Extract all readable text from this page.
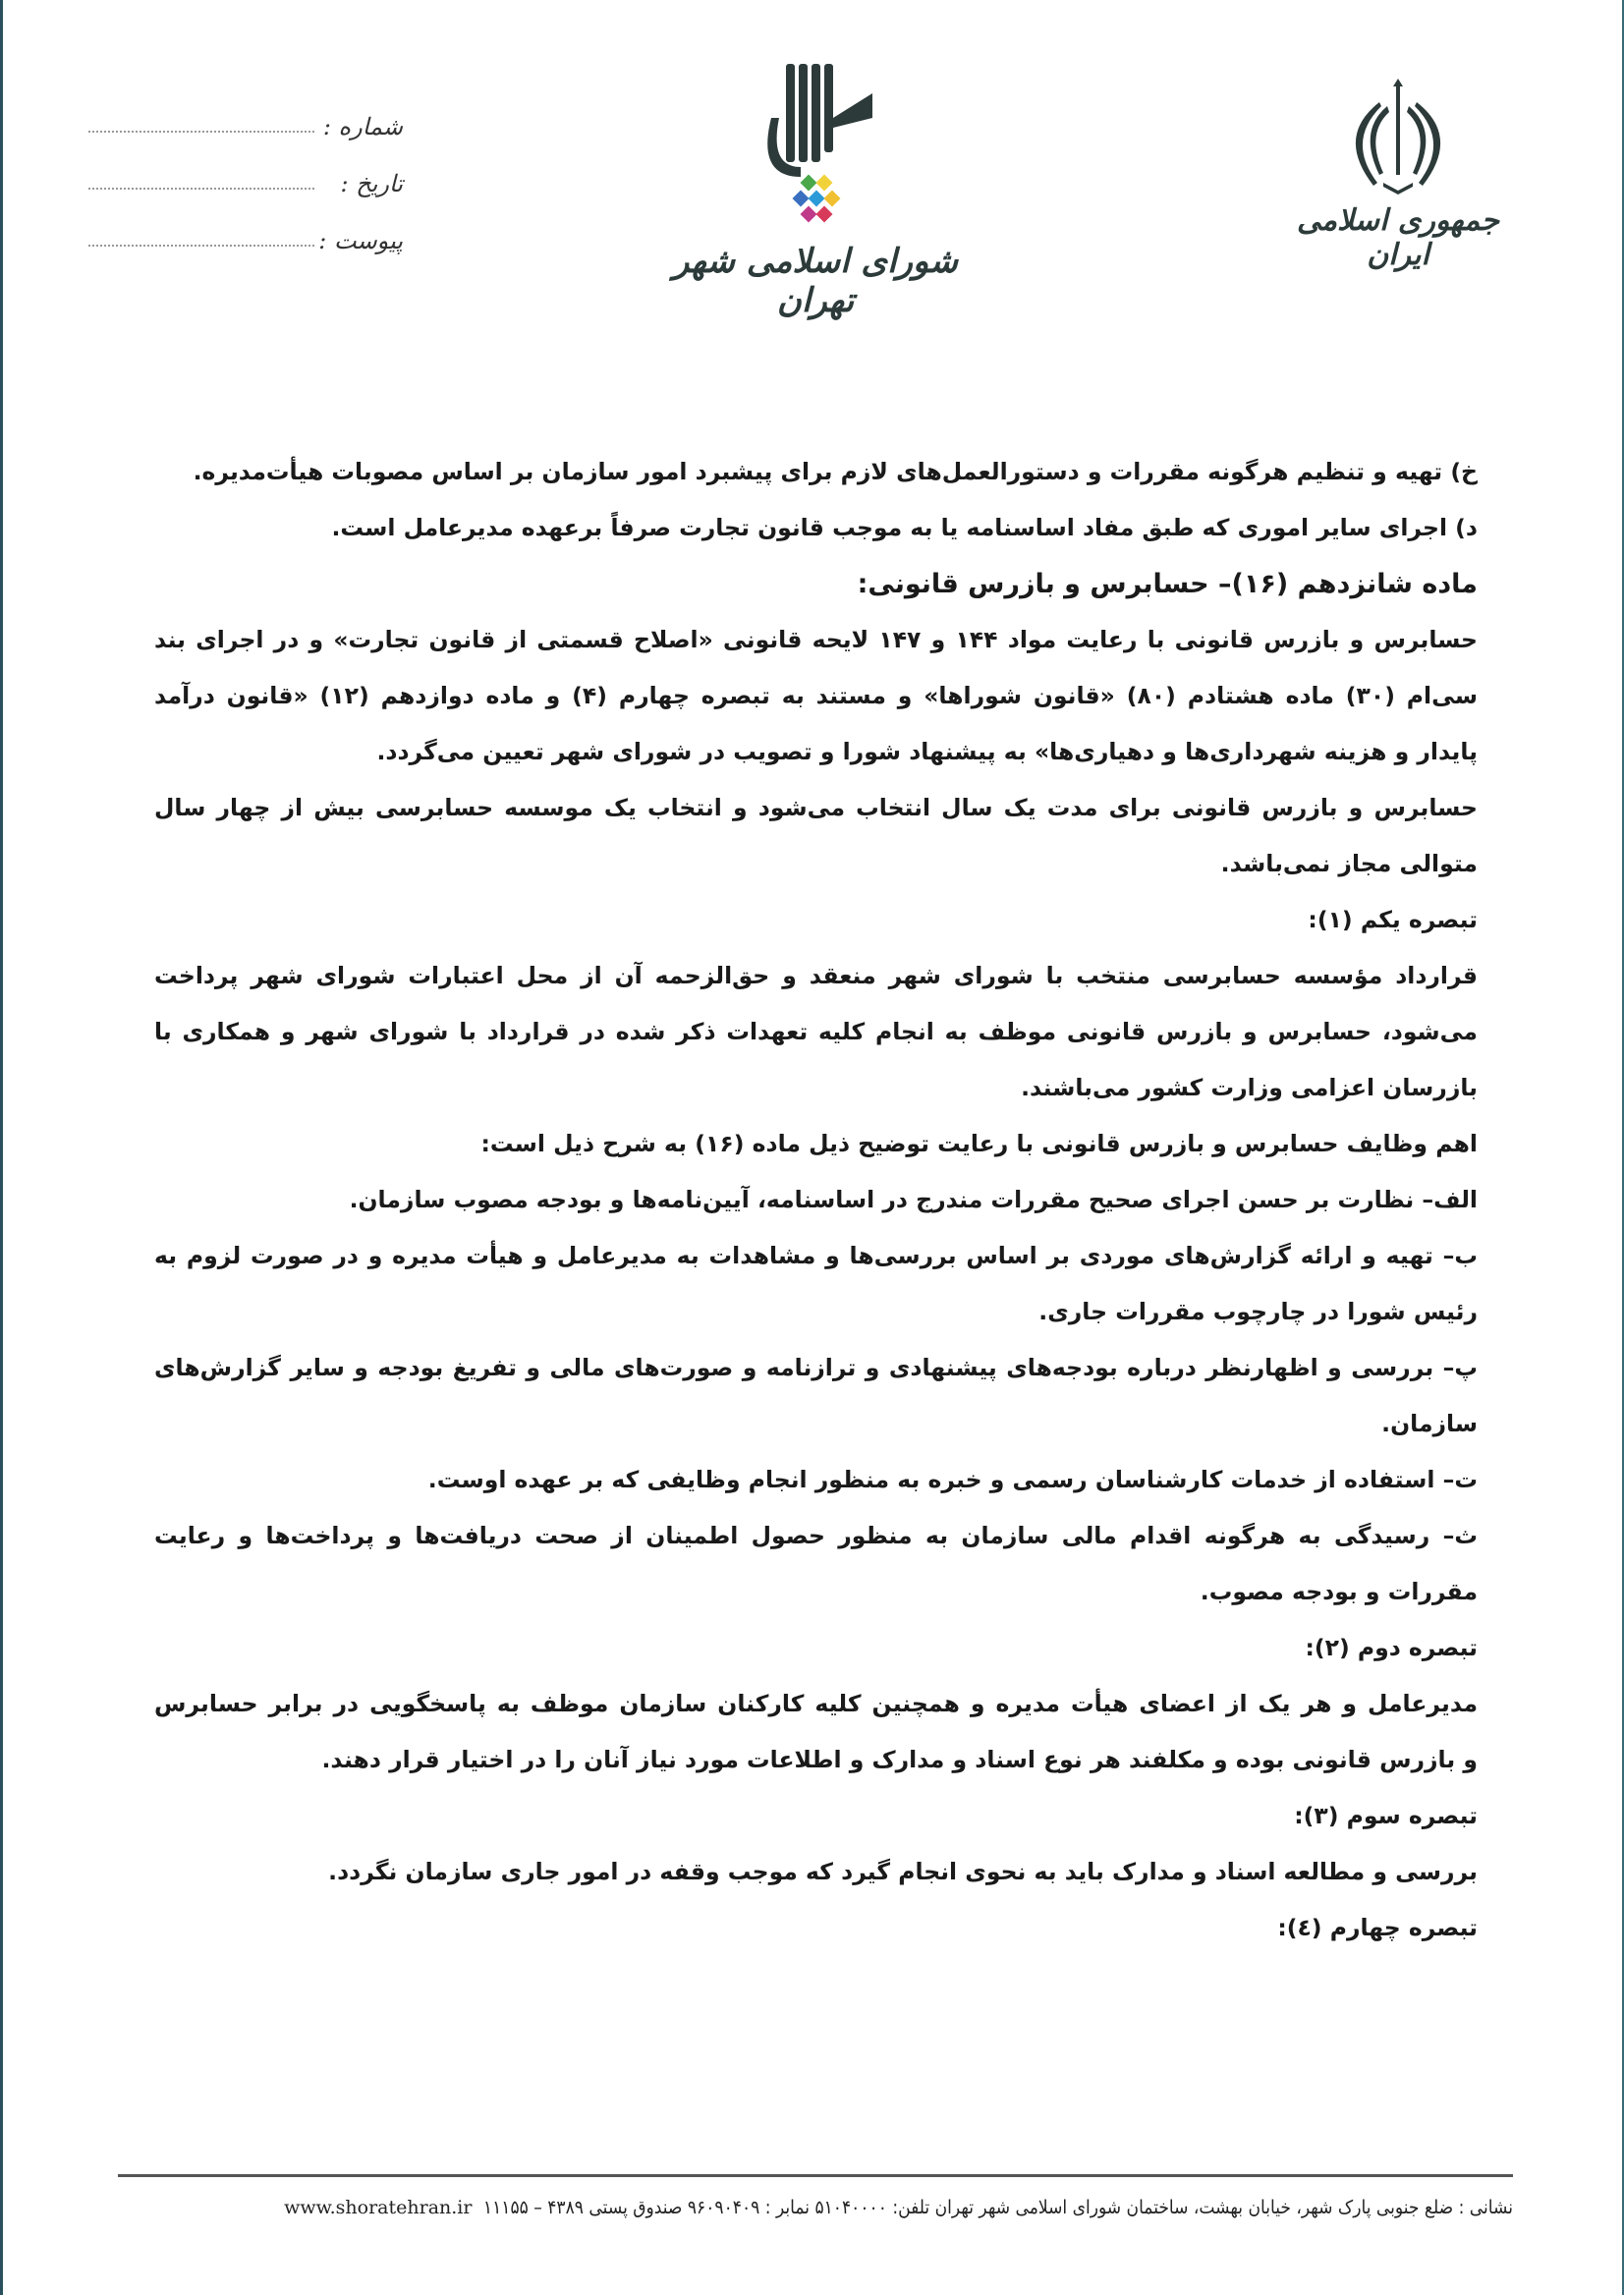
جمهوری اسلامی ایران
شورای اسلامی شهر تهران
شماره :
تاریخ :
پیوست :
خ) تهیه و تنظیم هرگونه مقررات و دستورالعمل‌های لازم برای پیشبرد امور سازمان بر اساس مصوبات هیأت‌مدیره.
د) اجرای سایر اموری که طبق مفاد اساسنامه یا به موجب قانون تجارت صرفاً برعهده مدیرعامل است.
ماده شانزدهم (۱۶)– حسابرس و بازرس قانونی:
حسابرس و بازرس قانونی با رعایت مواد ۱۴۴ و ۱۴۷ لایحه قانونی «اصلاح قسمتی از قانون تجارت» و در اجرای بند
سی‌ام (۳۰) ماده هشتادم (۸۰) «قانون شوراها» و مستند به تبصره چهارم (۴) و ماده دوازدهم (۱۲) «قانون درآمد
پایدار و هزینه شهرداری‌ها و دهیاری‌ها» به پیشنهاد شورا و تصویب در شورای شهر تعیین می‌گردد.
حسابرس و بازرس قانونی برای مدت یک سال انتخاب می‌شود و انتخاب یک موسسه حسابرسی بیش از چهار سال
متوالی مجاز نمی‌باشد.
تبصره یکم (۱):
قرارداد مؤسسه حسابرسی منتخب با شورای شهر منعقد و حق‌الزحمه آن از محل اعتبارات شورای شهر پرداخت
می‌شود، حسابرس و بازرس قانونی موظف به انجام کلیه تعهدات ذکر شده در قرارداد با شورای شهر و همکاری با
بازرسان اعزامی وزارت کشور می‌باشند.
اهم وظایف حسابرس و بازرس قانونی با رعایت توضیح ذیل ماده (۱۶) به شرح ذیل است:
الف– نظارت بر حسن اجرای صحیح مقررات مندرج در اساسنامه، آیین‌نامه‌ها و بودجه مصوب سازمان.
ب– تهیه و ارائه گزارش‌های موردی بر اساس بررسی‌ها و مشاهدات به مدیرعامل و هیأت مدیره و در صورت لزوم به
رئیس شورا در چارچوب مقررات جاری.
پ– بررسی و اظهارنظر درباره بودجه‌های پیشنهادی و ترازنامه و صورت‌های مالی و تفریغ بودجه و سایر گزارش‌های
سازمان.
ت– استفاده از خدمات کارشناسان رسمی و خبره به منظور انجام وظایفی که بر عهده اوست.
ث– رسیدگی به هرگونه اقدام مالی سازمان به منظور حصول اطمینان از صحت دریافت‌ها و پرداخت‌ها و رعایت
مقررات و بودجه مصوب.
تبصره دوم (۲):
مدیرعامل و هر یک از اعضای هیأت مدیره و همچنین کلیه کارکنان سازمان موظف به پاسخگویی در برابر حسابرس
و بازرس قانونی بوده و مکلفند هر نوع اسناد و مدارک و اطلاعات مورد نیاز آنان را در اختیار قرار دهند.
تبصره سوم (۳):
بررسی و مطالعه اسناد و مدارک باید به نحوی انجام گیرد که موجب وقفه در امور جاری سازمان نگردد.
تبصره چهارم (٤):
نشانی : ضلع جنوبی پارک شهر، خیابان بهشت، ساختمان شورای اسلامی شهر تهران تلفن: ۵۱۰۴۰۰۰۰ نمابر : ۹۶۰۹۰۴۰۹ صندوق پستی ۴۳۸۹ – ۱۱۱۵۵ www.shoratehran.ir
